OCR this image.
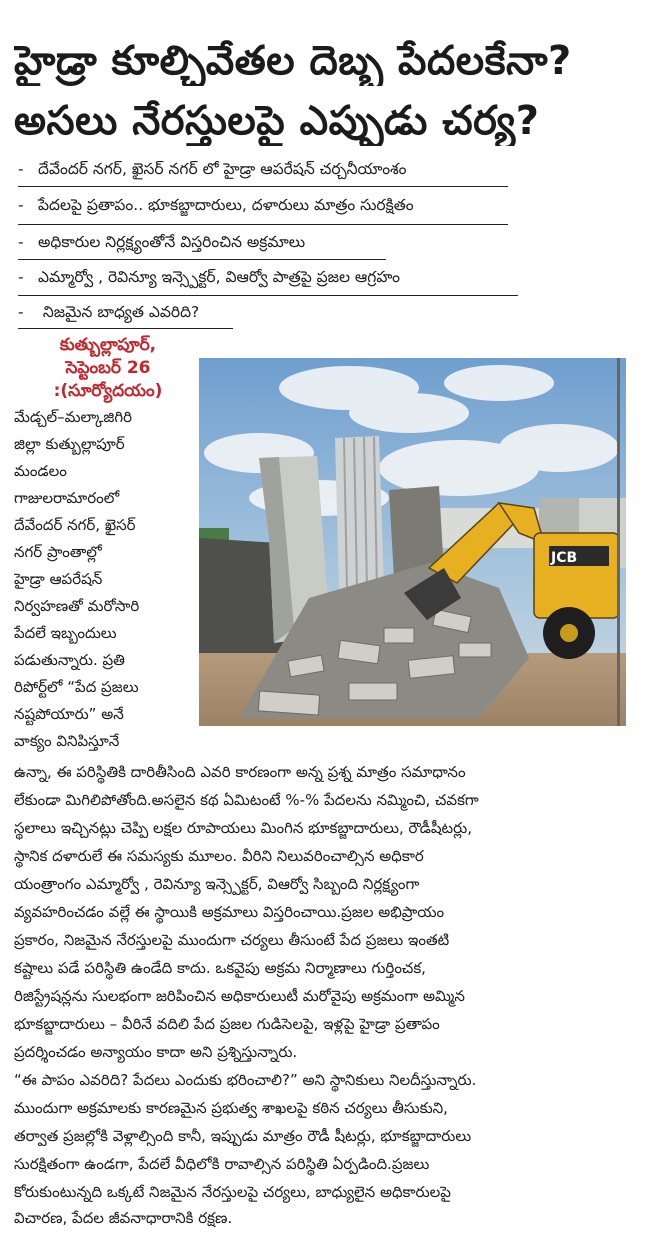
హైడ్రా కూల్చివేతల దెబ్బ పేదలకేనా?
అసలు నేరస్తులపై ఎప్పుడు చర్య?
- దేవేందర్ నగర్, ఖైసర్ నగర్ లో హైడ్రా ఆపరేషన్ చర్చనీయాంశం
- పేదలపై ప్రతాపం.. భూకబ్జాదారులు, దళారులు మాత్రం సురక్షితం
- అధికారుల నిర్లక్ష్యంతోనే విస్తరించిన అక్రమాలు
- ఎమ్మార్వో , రెవిన్యూ ఇన్స్పెక్టర్, విఆర్వో పాత్రపై ప్రజల ఆగ్రహం
- నిజమైన బాధ్యత ఎవరిది?
కుత్బుల్లాపూర్,
సెప్టెంబర్ 26
:(సూర్యోదయం)
JCB
మేడ్చల్–మల్కాజిగిరి
జిల్లా కుత్బుల్లాపూర్
మండలం
గాజులరామారంలో
దేవేందర్ నగర్, ఖైసర్
నగర్ ప్రాంతాల్లో
హైడ్రా ఆపరేషన్
నిర్వహణతో మరోసారి
పేదలే ఇబ్బందులు
పడుతున్నారు. ప్రతి
రిపోర్ట్‌లో “పేద ప్రజలు
నష్టపోయారు” అనే
వాక్యం వినిపిస్తూనే
ఉన్నా, ఈ పరిస్థితికి దారితీసింది ఎవరి కారణంగా అన్న ప్రశ్న మాత్రం సమాధానం
లేకుండా మిగిలిపోతోంది.అసలైన కథ ఏమిటంటే %-% పేదలను నమ్మించి, చవకగా
స్థలాలు ఇచ్చినట్లు చెప్పి లక్షల రూపాయలు మింగిన భూకబ్జాదారులు, రౌడీషీటర్లు,
స్థానిక దళారులే ఈ సమస్యకు మూలం. వీరిని నిలువరించాల్సిన అధికార
యంత్రాంగం ఎమ్మార్వో , రెవిన్యూ ఇన్స్పెక్టర్, విఆర్వో సిబ్బంది నిర్లక్ష్యంగా
వ్యవహరించడం వల్లే ఈ స్థాయికి అక్రమాలు విస్తరించాయి.ప్రజల అభిప్రాయం
ప్రకారం, నిజమైన నేరస్తులపై ముందుగా చర్యలు తీసుంటే పేద ప్రజలు ఇంతటి
కష్టాలు పడే పరిస్థితి ఉండేది కాదు. ఒకవైపు అక్రమ నిర్మాణాలు గుర్తించక,
రిజిస్ట్రేషన్లను సులభంగా జరిపించిన అధికారులుటీ మరోవైపు అక్రమంగా అమ్మిన
భూకబ్జాదారులు – వీరినే వదిలి పేద ప్రజల గుడిసెలపై, ఇళ్లపై హైడ్రా ప్రతాపం
ప్రదర్శించడం అన్యాయం కాదా అని ప్రశ్నిస్తున్నారు.
“ఈ పాపం ఎవరిది? పేదలు ఎందుకు భరించాలి?” అని స్థానికులు నిలదీస్తున్నారు.
ముందుగా అక్రమాలకు కారణమైన ప్రభుత్వ శాఖలపై కఠిన చర్యలు తీసుకుని,
తర్వాత ప్రజల్లోకి వెళ్లాల్సింది కానీ, ఇప్పుడు మాత్రం రౌడీ షీటర్లు, భూకబ్జాదారులు
సురక్షితంగా ఉండగా, పేదలే వీధిలోకి రావాల్సిన పరిస్థితి ఏర్పడింది.ప్రజలు
కోరుకుంటున్నది ఒక్కటే నిజమైన నేరస్తులపై చర్యలు, బాధ్యులైన అధికారులపై
విచారణ, పేదల జీవనాధారానికి రక్షణ.
